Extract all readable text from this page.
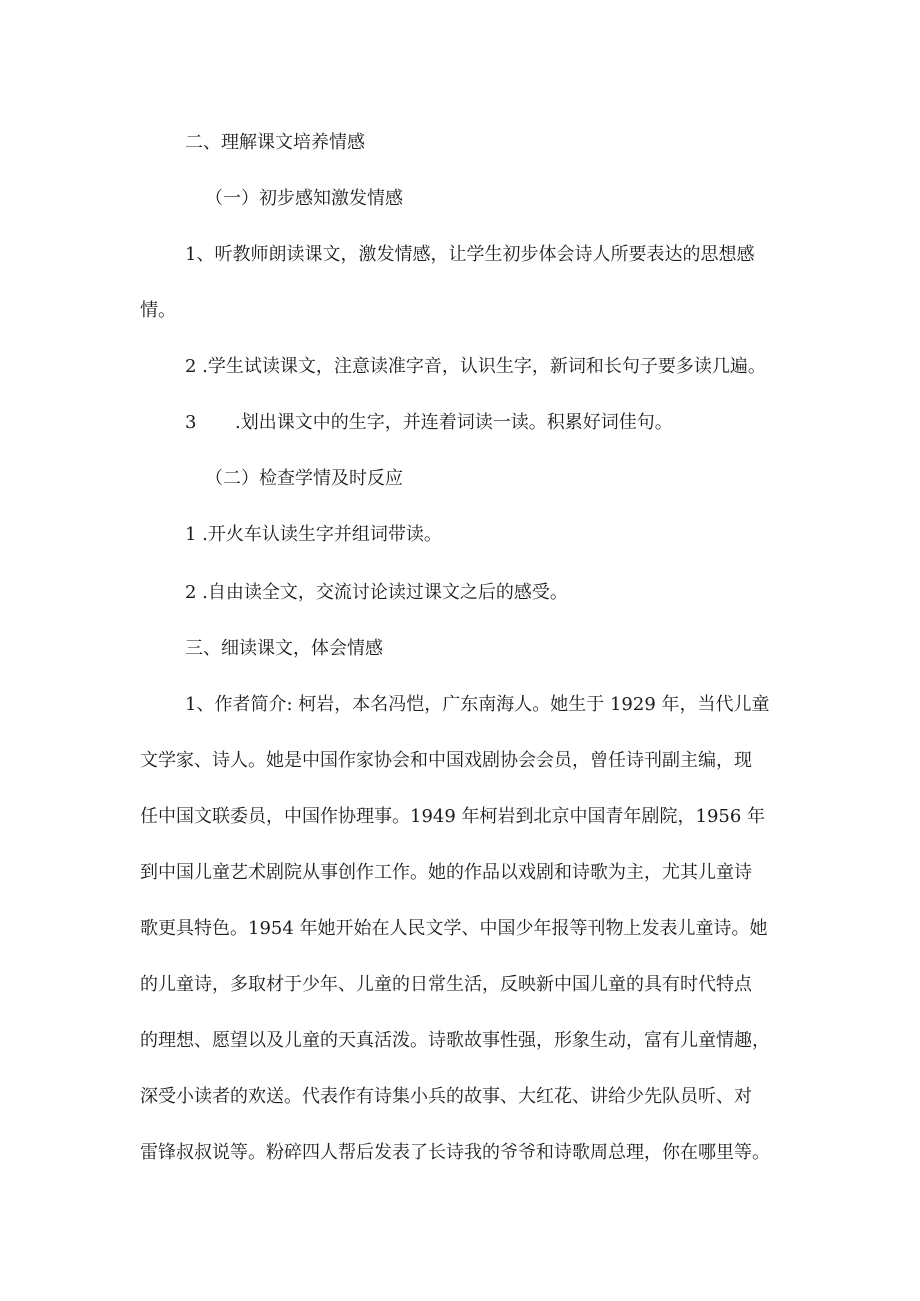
二、理解课文培养情感
（一）初步感知激发情感
1、听教师朗读课文，激发情感，让学生初步体会诗人所要表达的思想感
情。
2 .学生试读课文，注意读准字音，认识生字，新词和长句子要多读几遍。
3 .划出课文中的生字，并连着词读一读。积累好词佳句。
（二）检查学情及时反应
1 .开火车认读生字并组词带读。
2 .自由读全文，交流讨论读过课文之后的感受。
三、细读课文，体会情感
1、作者简介: 柯岩，本名冯恺，广东南海人。她生于 1929 年，当代儿童
文学家、诗人。她是中国作家协会和中国戏剧协会会员，曾任诗刊副主编，现
任中国文联委员，中国作协理事。1949 年柯岩到北京中国青年剧院，1956 年
到中国儿童艺术剧院从事创作工作。她的作品以戏剧和诗歌为主，尤其儿童诗
歌更具特色。1954 年她开始在人民文学、中国少年报等刊物上发表儿童诗。她
的儿童诗，多取材于少年、儿童的日常生活，反映新中国儿童的具有时代特点
的理想、愿望以及儿童的天真活泼。诗歌故事性强，形象生动，富有儿童情趣，
深受小读者的欢送。代表作有诗集小兵的故事、大红花、讲给少先队员听、对
雷锋叔叔说等。粉碎四人帮后发表了长诗我的爷爷和诗歌周总理，你在哪里等。
